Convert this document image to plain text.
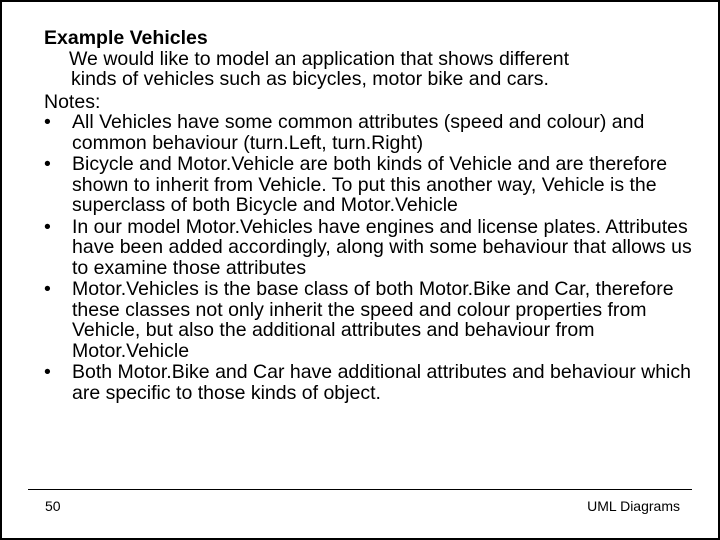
Example Vehicles

We would like to model an application that shows different
kinds of vehicles such as bicycles, motor bike and cars.

Notes:

• All Vehicles have some common attributes (speed and colour) and common behaviour (turn.Left, turn.Right)
• Bicycle and Motor.Vehicle are both kinds of Vehicle and are therefore shown to inherit from Vehicle. To put this another way, Vehicle is the superclass of both Bicycle and Motor.Vehicle
• In our model Motor.Vehicles have engines and license plates. Attributes have been added accordingly, along with some behaviour that allows us to examine those attributes
• Motor.Vehicles is the base class of both Motor.Bike and Car, therefore these classes not only inherit the speed and colour properties from Vehicle, but also the additional attributes and behaviour from Motor.Vehicle
• Both Motor.Bike and Car have additional attributes and behaviour which are specific to those kinds of object.
50	UML Diagrams
